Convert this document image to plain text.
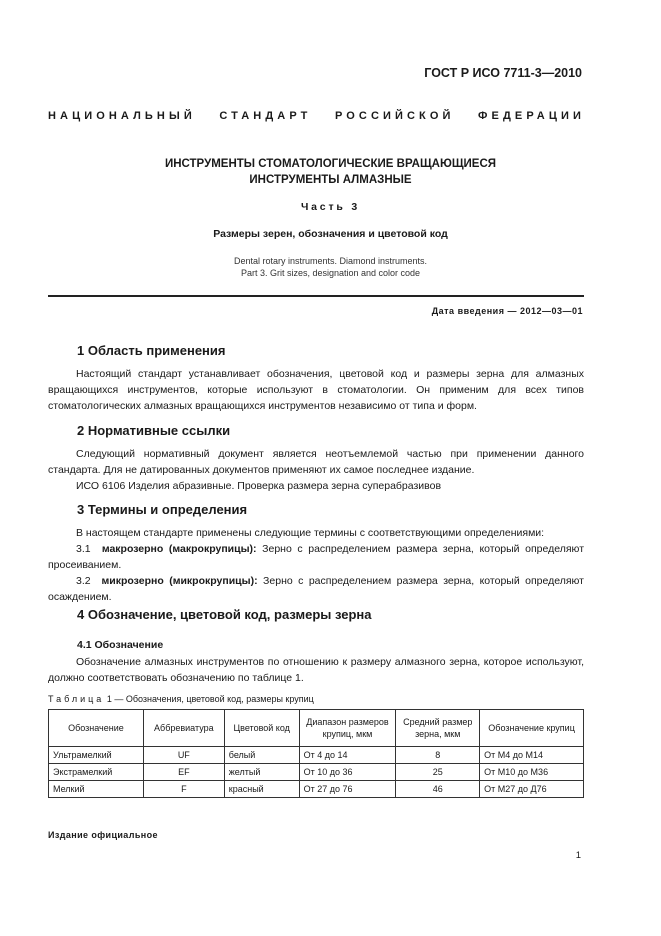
ГОСТ Р ИСО 7711-3—2010
НАЦИОНАЛЬНЫЙ СТАНДАРТ РОССИЙСКОЙ ФЕДЕРАЦИИ
ИНСТРУМЕНТЫ СТОМАТОЛОГИЧЕСКИЕ ВРАЩАЮЩИЕСЯ
ИНСТРУМЕНТЫ АЛМАЗНЫЕ
Часть 3
Размеры зерен, обозначения и цветовой код
Dental rotary instruments. Diamond instruments.
Part 3. Grit sizes, designation and color code
Дата введения — 2012—03—01
1 Область применения

Настоящий стандарт устанавливает обозначения, цветовой код и размеры зерна для алмазных вращающихся инструментов, которые используют в стоматологии. Он применим для всех типов стоматологических алмазных вращающихся инструментов независимо от типа и форм.

2 Нормативные ссылки

Следующий нормативный документ является неотъемлемой частью при применении данного стандарта. Для не датированных документов применяют их самое последнее издание.

ИСО 6106 Изделия абразивные. Проверка размера зерна суперабразивов

3 Термины и определения

В настоящем стандарте применены следующие термины с соответствующими определениями:

3.1 макрозерно (макрокрупицы): Зерно с распределением размера зерна, который определяют просеиванием.

3.2 микрозерно (микрокрупицы): Зерно с распределением размера зерна, который определяют осаждением.

4 Обозначение, цветовой код, размеры зерна
4.1 Обозначение

Обозначение алмазных инструментов по отношению к размеру алмазного зерна, которое используют, должно соответствовать обозначению по таблице 1.

Таблица 1 — Обозначения, цветовой код, размеры крупиц
Обозначение	Аббревиатура	Цветовой код	Диапазон размеров крупиц, мкм	Средний размер зерна, мкм	Обозначение крупиц
Ультрамелкий	UF	белый	От 4 до 14	8	От M4 до M14
Экстрамелкий	EF	желтый	От 10 до 36	25	От M10 до M36
Мелкий	F	красный	От 27 до 76	46	От M27 до Д76
Издание официальное
1
